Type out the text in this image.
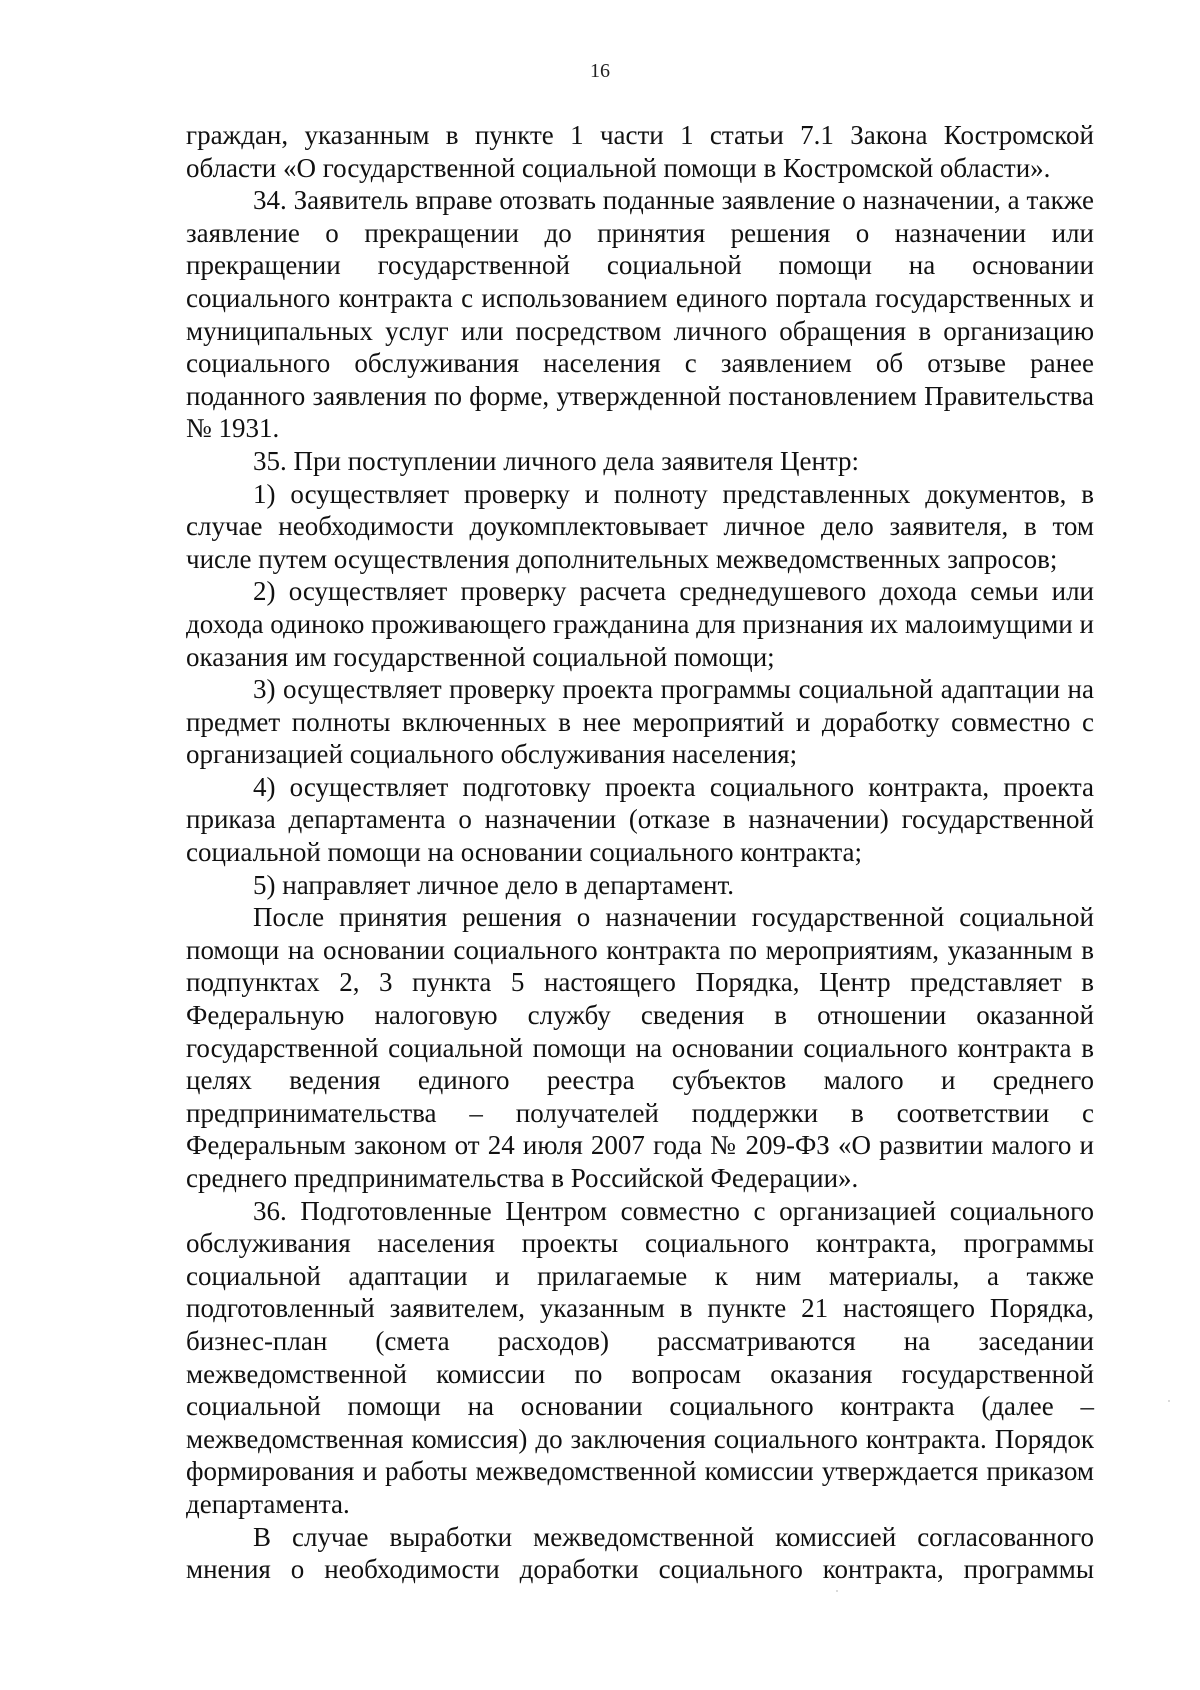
16

граждан, указанным в пункте 1 части 1 статьи 7.1 Закона Костромской области «О государственной социальной помощи в Костромской области».

34. Заявитель вправе отозвать поданные заявление о назначении, а также заявление о прекращении до принятия решения о назначении или прекращении государственной социальной помощи на основании социального контракта с использованием единого портала государственных и муниципальных услуг или посредством личного обращения в организацию социального обслуживания населения с заявлением об отзыве ранее поданного заявления по форме, утвержденной постановлением Правительства № 1931.

35. При поступлении личного дела заявителя Центр:

1) осуществляет проверку и полноту представленных документов, в случае необходимости доукомплектовывает личное дело заявителя, в том числе путем осуществления дополнительных межведомственных запросов;

2) осуществляет проверку расчета среднедушевого дохода семьи или дохода одиноко проживающего гражданина для признания их малоимущими и оказания им государственной социальной помощи;

3) осуществляет проверку проекта программы социальной адаптации на предмет полноты включенных в нее мероприятий и доработку совместно с организацией социального обслуживания населения;

4) осуществляет подготовку проекта социального контракта, проекта приказа департамента о назначении (отказе в назначении) государственной социальной помощи на основании социального контракта;

5) направляет личное дело в департамент.

После принятия решения о назначении государственной социальной помощи на основании социального контракта по мероприятиям, указанным в подпунктах 2, 3 пункта 5 настоящего Порядка, Центр представляет в Федеральную налоговую службу сведения в отношении оказанной государственной социальной помощи на основании социального контракта в целях ведения единого реестра субъектов малого и среднего предпринимательства – получателей поддержки в соответствии с Федеральным законом от 24 июля 2007 года № 209-ФЗ «О развитии малого и среднего предпринимательства в Российской Федерации».

36. Подготовленные Центром совместно с организацией социального обслуживания населения проекты социального контракта, программы социальной адаптации и прилагаемые к ним материалы, а также подготовленный заявителем, указанным в пункте 21 настоящего Порядка, бизнес-план (смета расходов) рассматриваются на заседании межведомственной комиссии по вопросам оказания государственной социальной помощи на основании социального контракта (далее – межведомственная комиссия) до заключения социального контракта. Порядок формирования и работы межведомственной комиссии утверждается приказом департамента.

В случае выработки межведомственной комиссией согласованного мнения о необходимости доработки социального контракта, программы
